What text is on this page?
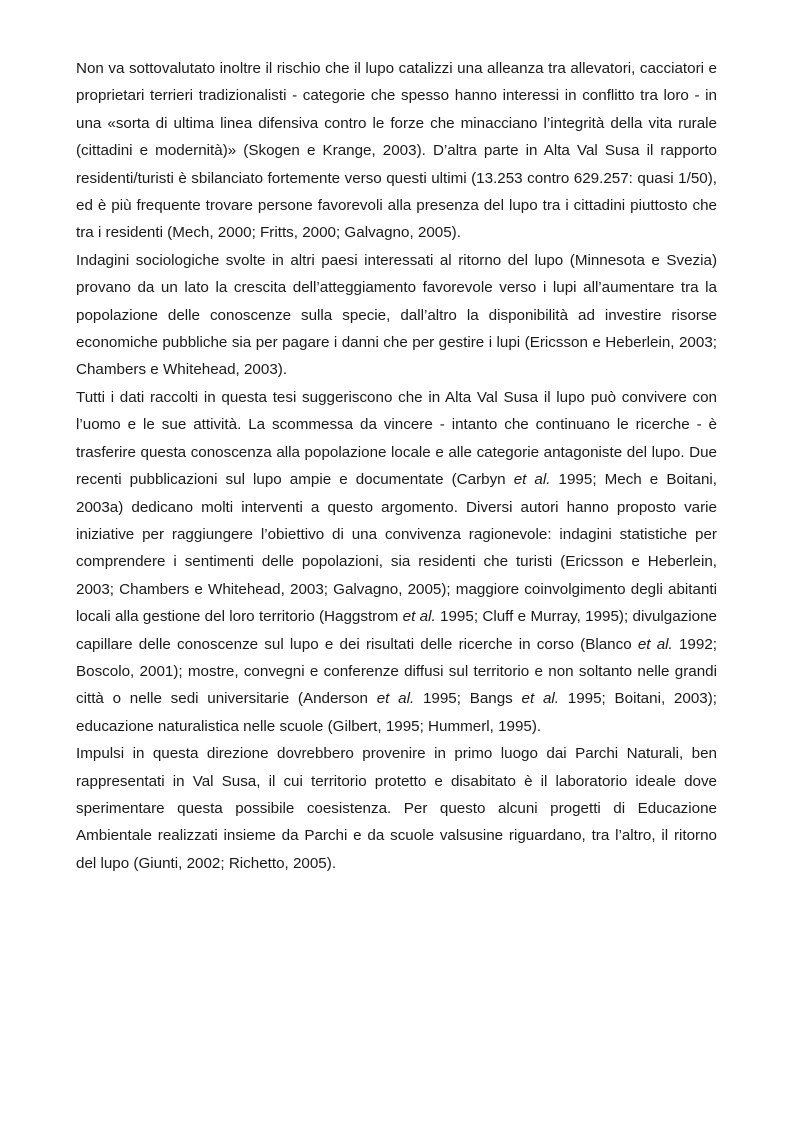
Non va sottovalutato inoltre il rischio che il lupo catalizzi una alleanza tra allevatori, cacciatori e proprietari terrieri tradizionalisti - categorie che spesso hanno interessi in conflitto tra loro - in una «sorta di ultima linea difensiva contro le forze che minacciano l’integrità della vita rurale (cittadini e modernità)» (Skogen e Krange, 2003). D’altra parte in Alta Val Susa il rapporto residenti/turisti è sbilanciato fortemente verso questi ultimi (13.253 contro 629.257: quasi 1/50), ed è più frequente trovare persone favorevoli alla presenza del lupo tra i cittadini piuttosto che tra i residenti (Mech, 2000; Fritts, 2000; Galvagno, 2005).

Indagini sociologiche svolte in altri paesi interessati al ritorno del lupo (Minnesota e Svezia) provano da un lato la crescita dell’atteggiamento favorevole verso i lupi all’aumentare tra la popolazione delle conoscenze sulla specie, dall’altro la disponibilità ad investire risorse economiche pubbliche sia per pagare i danni che per gestire i lupi (Ericsson e Heberlein, 2003; Chambers e Whitehead, 2003).

Tutti i dati raccolti in questa tesi suggeriscono che in Alta Val Susa il lupo può convivere con l’uomo e le sue attività. La scommessa da vincere - intanto che continuano le ricerche - è trasferire questa conoscenza alla popolazione locale e alle categorie antagoniste del lupo. Due recenti pubblicazioni sul lupo ampie e documentate (Carbyn et al. 1995; Mech e Boitani, 2003a) dedicano molti interventi a questo argomento. Diversi autori hanno proposto varie iniziative per raggiungere l’obiettivo di una convivenza ragionevole: indagini statistiche per comprendere i sentimenti delle popolazioni, sia residenti che turisti (Ericsson e Heberlein, 2003; Chambers e Whitehead, 2003; Galvagno, 2005); maggiore coinvolgimento degli abitanti locali alla gestione del loro territorio (Haggstrom et al. 1995; Cluff e Murray, 1995); divulgazione capillare delle conoscenze sul lupo e dei risultati delle ricerche in corso (Blanco et al. 1992; Boscolo, 2001); mostre, convegni e conferenze diffusi sul territorio e non soltanto nelle grandi città o nelle sedi universitarie (Anderson et al. 1995; Bangs et al. 1995; Boitani, 2003); educazione naturalistica nelle scuole (Gilbert, 1995; Hummerl, 1995).

Impulsi in questa direzione dovrebbero provenire in primo luogo dai Parchi Naturali, ben rappresentati in Val Susa, il cui territorio protetto e disabitato è il laboratorio ideale dove sperimentare questa possibile coesistenza. Per questo alcuni progetti di Educazione Ambientale realizzati insieme da Parchi e da scuole valsusine riguardano, tra l’altro, il ritorno del lupo (Giunti, 2002; Richetto, 2005).
